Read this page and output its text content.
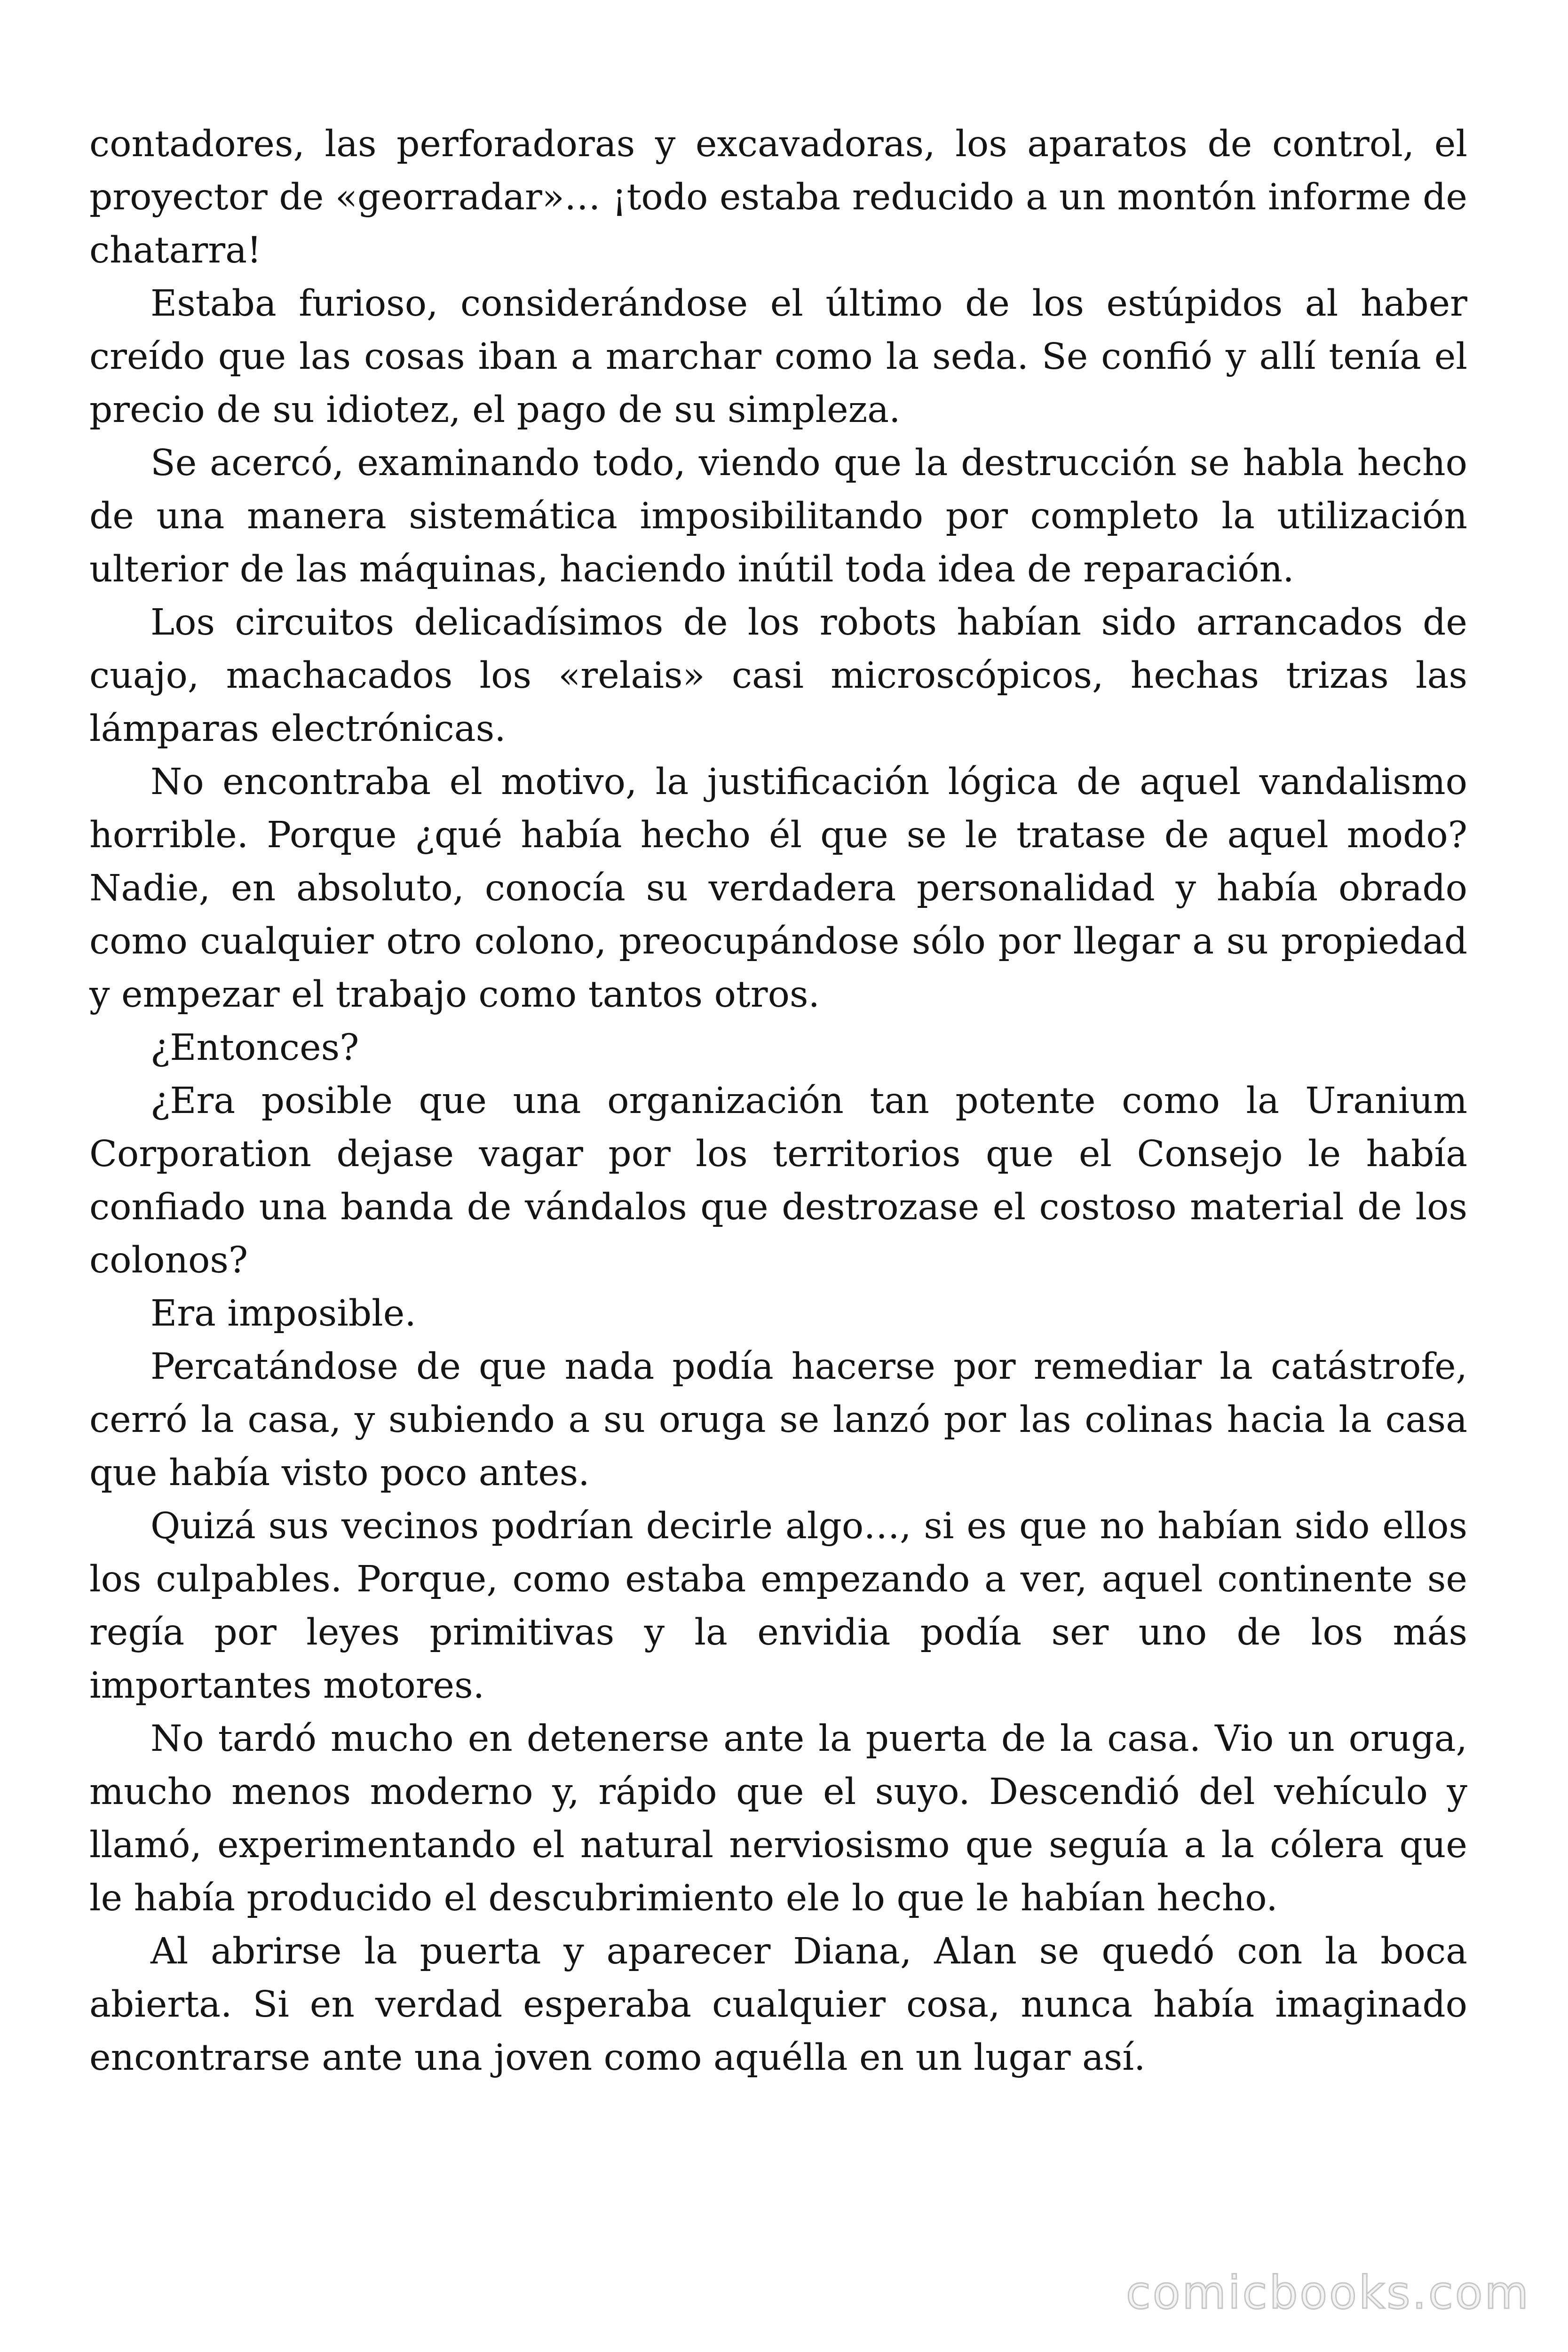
contadores, las perforadoras y excavadoras, los aparatos de control, el proyector de «georradar»… ¡todo estaba reducido a un montón informe de chatarra!

Estaba furioso, considerándose el último de los estúpidos al haber creído que las cosas iban a marchar como la seda. Se confió y allí tenía el precio de su idiotez, el pago de su simpleza.

Se acercó, examinando todo, viendo que la destrucción se habla hecho de una manera sistemática imposibilitando por completo la utilización ulterior de las máquinas, haciendo inútil toda idea de reparación.

Los circuitos delicadísimos de los robots habían sido arrancados de cuajo, machacados los «relais» casi microscópicos, hechas trizas las lámparas electrónicas.

No encontraba el motivo, la justificación lógica de aquel vandalismo horrible. Porque ¿qué había hecho él que se le tratase de aquel modo? Nadie, en absoluto, conocía su verdadera personalidad y había obrado como cualquier otro colono, preocupándose sólo por llegar a su propiedad y empezar el trabajo como tantos otros.

¿Entonces?

¿Era posible que una organización tan potente como la Uranium Corporation dejase vagar por los territorios que el Consejo le había confiado una banda de vándalos que destrozase el costoso material de los colonos?

Era imposible.

Percatándose de que nada podía hacerse por remediar la catástrofe, cerró la casa, y subiendo a su oruga se lanzó por las colinas hacia la casa que había visto poco antes.

Quizá sus vecinos podrían decirle algo…, si es que no habían sido ellos los culpables. Porque, como estaba empezando a ver, aquel continente se regía por leyes primitivas y la envidia podía ser uno de los más importantes motores.

No tardó mucho en detenerse ante la puerta de la casa. Vio un oruga, mucho menos moderno y, rápido que el suyo. Descendió del vehículo y llamó, experimentando el natural nerviosismo que seguía a la cólera que le había producido el descubrimiento ele lo que le habían hecho.

Al abrirse la puerta y aparecer Diana, Alan se quedó con la boca abierta. Si en verdad esperaba cualquier cosa, nunca había imaginado encontrarse ante una joven como aquélla en un lugar así.

comicbooks.com
